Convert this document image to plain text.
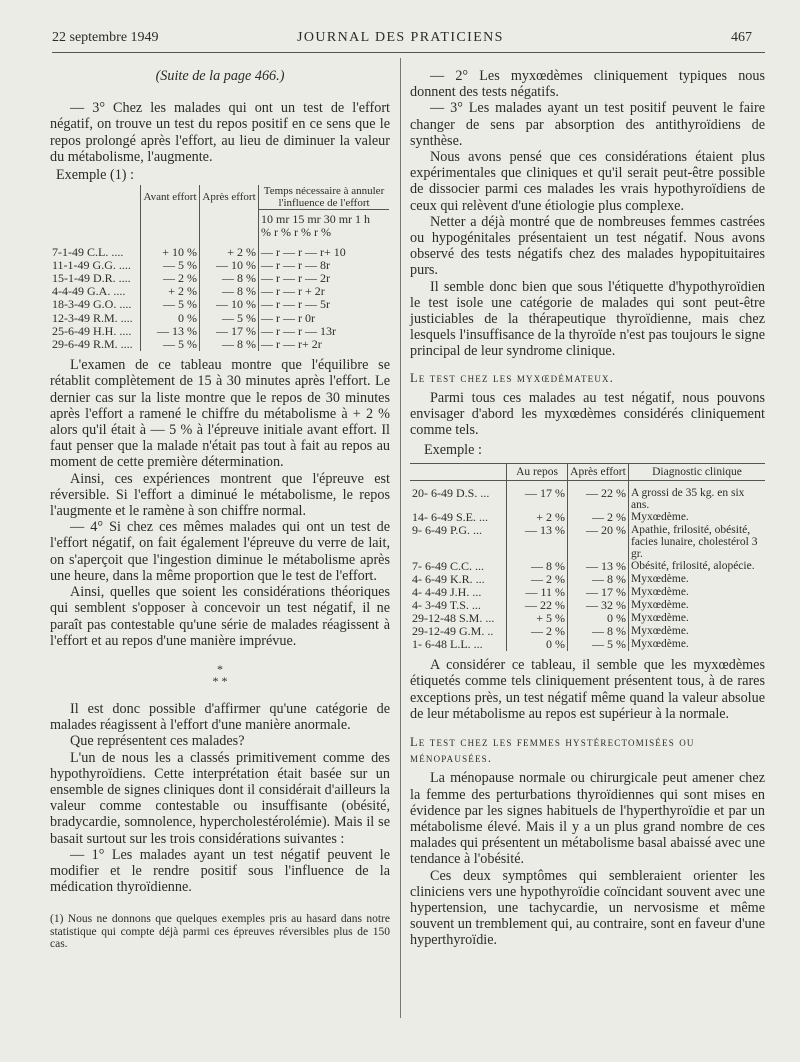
22 septembre 1949	JOURNAL DES PRATICIENS	467

(Suite de la page 466.)

— 3° Chez les malades qui ont un test de l'effort négatif, on trouve un test du repos positif en ce sens que le repos prolongé après l'effort, au lieu de diminuer la valeur du métabolisme, l'augmente.

Exemple (1) :

	Avant effort	Après effort	Temps nécessaire à annuler l'influence de l'effort
			10 mr 15 mr 30 mr 1 h
			% r % r % r %
7-1-49 C.L. ....	+ 10 %	+ 2 %	— r — r — r+ 10
11-1-49 G.G. ....	— 5 %	— 10 %	— r — r — 8r
15-1-49 D.R. ....	— 2 %	— 8 %	— r — r — 2r
4-4-49 G.A. ....	+ 2 %	— 8 %	— r — r + 2r
18-3-49 G.O. ....	— 5 %	— 10 %	— r — r — 5r
12-3-49 R.M. ....	0 %	— 5 %	— r — r 0r
25-6-49 H.H. ....	— 13 %	— 17 %	— r — r — 13r
29-6-49 R.M. ....	— 5 %	— 8 %	— r — r+ 2r

L'examen de ce tableau montre que l'équilibre se rétablit complètement de 15 à 30 minutes après l'effort. Le dernier cas sur la liste montre que le repos de 30 minutes après l'effort a ramené le chiffre du métabolisme à + 2 % alors qu'il était à — 5 % à l'épreuve initiale avant effort. Il faut penser que la malade n'était pas tout à fait au repos au moment de cette première détermination.

Ainsi, ces expériences montrent que l'épreuve est réversible. Si l'effort a diminué le métabolisme, le repos l'augmente et le ramène à son chiffre normal.

— 4° Si chez ces mêmes malades qui ont un test de l'effort négatif, on fait également l'épreuve du verre de lait, on s'aperçoit que l'ingestion diminue le métabolisme après une heure, dans la même proportion que le test de l'effort.

Ainsi, quelles que soient les considérations théoriques qui semblent s'opposer à concevoir un test négatif, il ne paraît pas contestable qu'une série de malades réagissent à l'effort et au repos d'une manière imprévue.

*
* *

Il est donc possible d'affirmer qu'une catégorie de malades réagissent à l'effort d'une manière anormale.

Que représentent ces malades?

L'un de nous les a classés primitivement comme des hypothyroïdiens. Cette interprétation était basée sur un ensemble de signes cliniques dont il considérait d'ailleurs la valeur comme contestable ou insuffisante (obésité, bradycardie, somnolence, hypercholestérolémie). Mais il se basait surtout sur les trois considérations suivantes :

— 1° Les malades ayant un test négatif peuvent le modifier et le rendre positif sous l'influence de la médication thyroïdienne.

(1) Nous ne donnons que quelques exemples pris au hasard dans notre statistique qui compte déjà parmi ces épreuves réversibles plus de 150 cas.

— 2° Les myxœdèmes cliniquement typiques nous donnent des tests négatifs.

— 3° Les malades ayant un test positif peuvent le faire changer de sens par absorption des antithyroïdiens de synthèse.

Nous avons pensé que ces considérations étaient plus expérimentales que cliniques et qu'il serait peut-être possible de dissocier parmi ces malades les vrais hypothyroïdiens de ceux qui relèvent d'une étiologie plus complexe.

Netter a déjà montré que de nombreuses femmes castrées ou hypogénitales présentaient un test négatif. Nous avons observé des tests négatifs chez des malades hypopituitaires purs.

Il semble donc bien que sous l'étiquette d'hypothyroïdien le test isole une catégorie de malades qui sont peut-être justiciables de la thérapeutique thyroïdienne, mais chez lesquels l'insuffisance de la thyroïde n'est pas toujours le signe principal de leur syndrome clinique.

Le test chez les myxœdémateux.

Parmi tous ces malades au test négatif, nous pouvons envisager d'abord les myxœdèmes considérés cliniquement comme tels.

Exemple :

	Au repos	Après effort	Diagnostic clinique
20- 6-49 D.S. ...	— 17 %	— 22 %	A grossi de 35 kg. en six ans.
14- 6-49 S.E. ...	+ 2 %	— 2 %	Myxœdème.
9- 6-49 P.G. ...	— 13 %	— 20 %	Apathie, frilosité, obésité, facies lunaire, cholestérol 3 gr.
7- 6-49 C.C. ...	— 8 %	— 13 %	Obésité, frilosité, alopécie.
4- 6-49 K.R. ...	— 2 %	— 8 %	Myxœdème.
4- 4-49 J.H. ...	— 11 %	— 17 %	Myxœdème.
4- 3-49 T.S. ...	— 22 %	— 32 %	Myxœdème.
29-12-48 S.M. ...	+ 5 %	0 %	Myxœdème.
29-12-49 G.M. ..	— 2 %	— 8 %	Myxœdème.
1- 6-48 L.L. ...	0 %	— 5 %	Myxœdème.

A considérer ce tableau, il semble que les myxœdèmes étiquetés comme tels cliniquement présentent tous, à de rares exceptions près, un test négatif même quand la valeur absolue de leur métabolisme au repos est supérieur à la normale.

Le test chez les femmes hystérectomisées ou ménopausées.

La ménopause normale ou chirurgicale peut amener chez la femme des perturbations thyroïdiennes qui sont mises en évidence par les signes habituels de l'hyperthyroïdie et par un métabolisme élevé. Mais il y a un plus grand nombre de ces malades qui présentent un métabolisme basal abaissé avec une tendance à l'obésité.

Ces deux symptômes qui sembleraient orienter les cliniciens vers une hypothyroïdie coïncidant souvent avec une hypertension, une tachycardie, un nervosisme et même souvent un tremblement qui, au contraire, sont en faveur d'une hyperthyroïdie.
